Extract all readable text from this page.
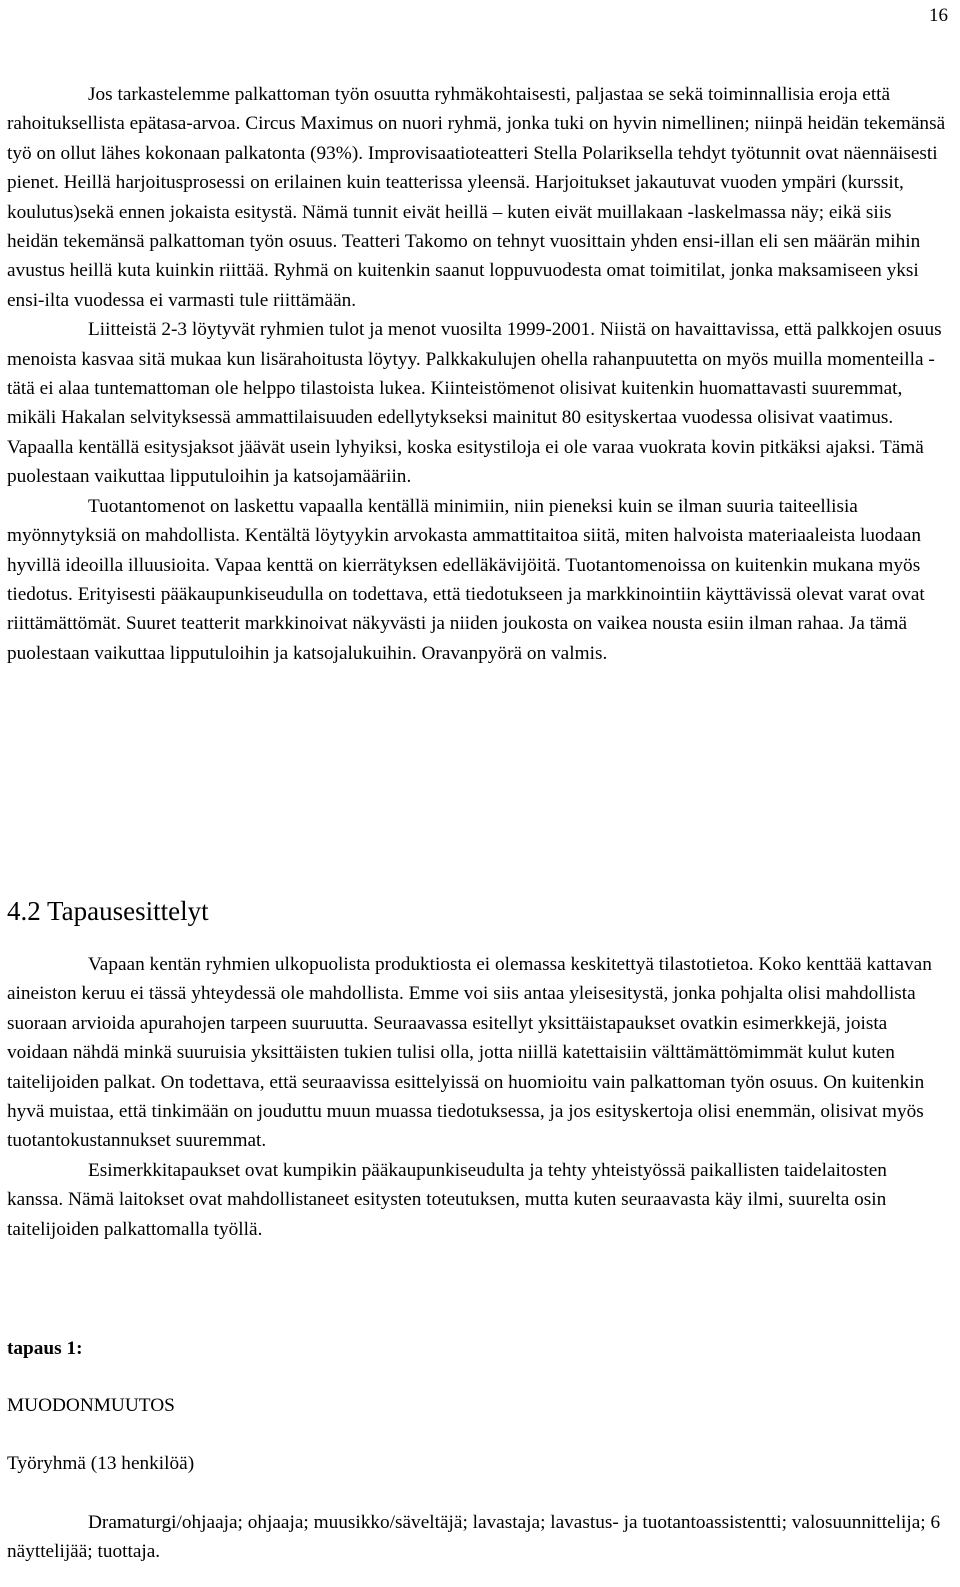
16

Jos tarkastelemme palkattoman työn osuutta ryhmäkohtaisesti, paljastaa se sekä toiminnallisia eroja että rahoituksellista epätasa-arvoa. Circus Maximus on nuori ryhmä, jonka tuki on hyvin nimellinen; niinpä heidän tekemänsä työ on ollut lähes kokonaan palkatonta (93%). Improvisaatioteatteri Stella Polariksella tehdyt työtunnit ovat näennäisesti pienet. Heillä harjoitusprosessi on erilainen kuin teatterissa yleensä. Harjoitukset jakautuvat vuoden ympäri (kurssit, koulutus)sekä ennen jokaista esitystä. Nämä tunnit eivät heillä – kuten eivät muillakaan -laskelmassa näy; eikä siis heidän tekemänsä palkattoman työn osuus. Teatteri Takomo on tehnyt vuosittain yhden ensi-illan eli sen määrän mihin avustus heillä kuta kuinkin riittää. Ryhmä on kuitenkin saanut loppuvuodesta omat toimitilat, jonka maksamiseen yksi ensi-ilta vuodessa ei varmasti tule riittämään.

Liitteistä 2-3 löytyvät ryhmien tulot ja menot vuosilta 1999-2001. Niistä on havaittavissa, että palkkojen osuus menoista kasvaa sitä mukaa kun lisärahoitusta löytyy. Palkkakulujen ohella rahanpuutetta on myös muilla momenteilla -tätä ei alaa tuntemattoman ole helppo tilastoista lukea. Kiinteistömenot olisivat kuitenkin huomattavasti suuremmat, mikäli Hakalan selvityksessä ammattilaisuuden edellytykseksi mainitut 80 esityskertaa vuodessa olisivat vaatimus. Vapaalla kentällä esitysjaksot jäävät usein lyhyiksi, koska esitystiloja ei ole varaa vuokrata kovin pitkäksi ajaksi. Tämä puolestaan vaikuttaa lipputuloihin ja katsojamääriin.

Tuotantomenot on laskettu vapaalla kentällä minimiin, niin pieneksi kuin se ilman suuria taiteellisia myönnytyksiä on mahdollista. Kentältä löytyykin arvokasta ammattitaitoa siitä, miten halvoista materiaaleista luodaan hyvillä ideoilla illuusioita. Vapaa kenttä on kierrätyksen edelläkävijöitä. Tuotantomenoissa on kuitenkin mukana myös tiedotus. Erityisesti pääkaupunkiseudulla on todettava, että tiedotukseen ja markkinointiin käyttävissä olevat varat ovat riittämättömät. Suuret teatterit markkinoivat näkyvästi ja niiden joukosta on vaikea nousta esiin ilman rahaa. Ja tämä puolestaan vaikuttaa lipputuloihin ja katsojalukuihin. Oravanpyörä on valmis.

4.2 Tapausesittelyt

Vapaan kentän ryhmien ulkopuolista produktiosta ei olemassa keskitettyä tilastotietoa. Koko kenttää kattavan aineiston keruu ei tässä yhteydessä ole mahdollista. Emme voi siis antaa yleisesitystä, jonka pohjalta olisi mahdollista suoraan arvioida apurahojen tarpeen suuruutta. Seuraavassa esitellyt yksittäistapaukset ovatkin esimerkkejä, joista voidaan nähdä minkä suuruisia yksittäisten tukien tulisi olla, jotta niillä katettaisiin välttämättömimmät kulut kuten taitelijoiden palkat. On todettava, että seuraavissa esittelyissä on huomioitu vain palkattoman työn osuus. On kuitenkin hyvä muistaa, että tinkimään on jouduttu muun muassa tiedotuksessa, ja jos esityskertoja olisi enemmän, olisivat myös tuotantokustannukset suuremmat.

Esimerkkitapaukset ovat kumpikin pääkaupunkiseudulta ja tehty yhteistyössä paikallisten taidelaitosten kanssa. Nämä laitokset ovat mahdollistaneet esitysten toteutuksen, mutta kuten seuraavasta käy ilmi, suurelta osin taitelijoiden palkattomalla työllä.

tapaus 1:
MUODONMUUTOS
Työryhmä (13 henkilöä)

Dramaturgi/ohjaaja; ohjaaja; muusikko/säveltäjä; lavastaja; lavastus- ja tuotantoassistentti; valosuunnittelija; 6 näyttelijää; tuottaja.
